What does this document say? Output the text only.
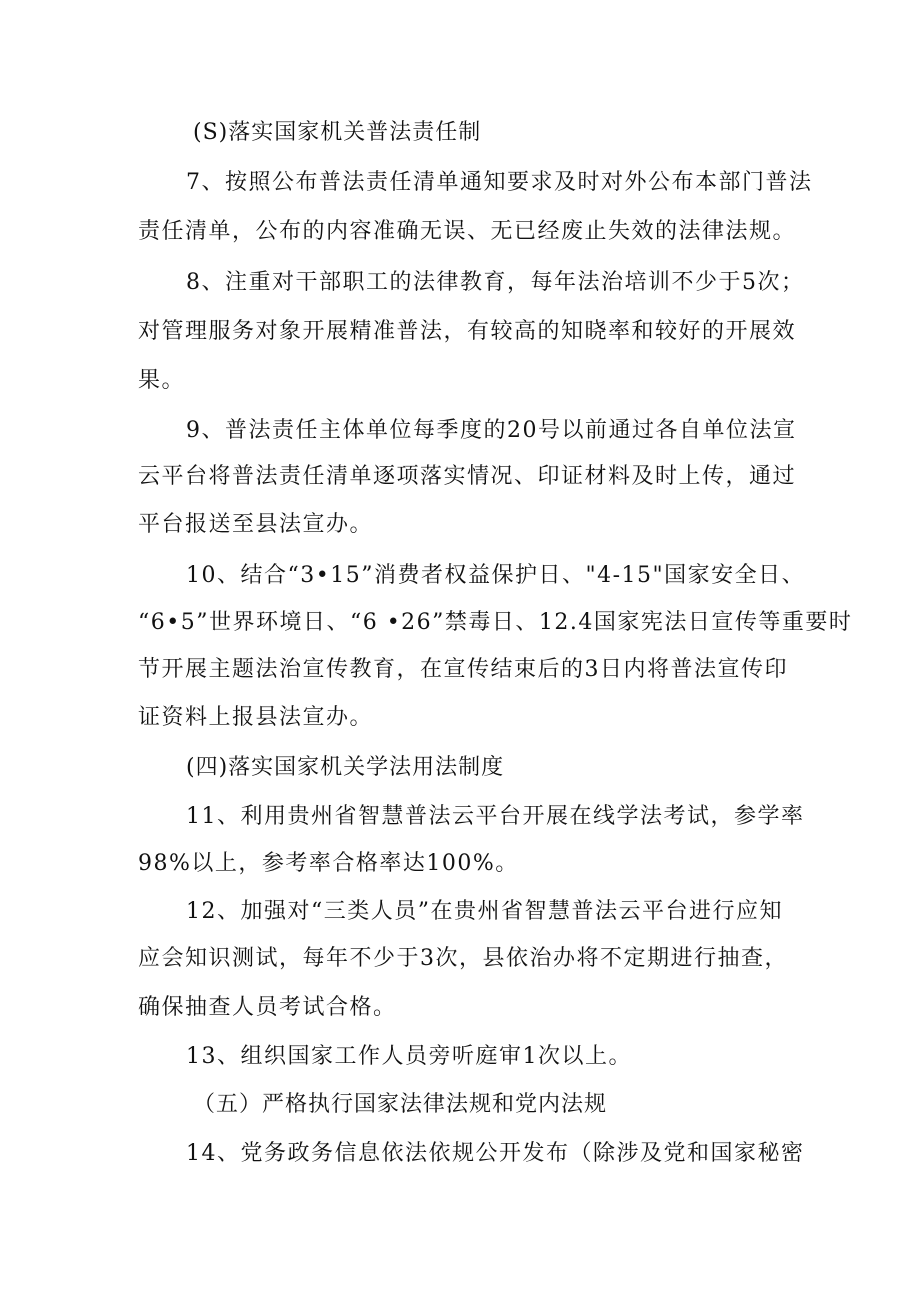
(S)落实国家机关普法责任制
7、按照公布普法责任清单通知要求及时对外公布本部门普法
责任清单，公布的内容准确无误、无已经废止失效的法律法规。
8、注重对干部职工的法律教育，每年法治培训不少于5次；
对管理服务对象开展精准普法，有较高的知晓率和较好的开展效
果。
9、普法责任主体单位每季度的20号以前通过各自单位法宣
云平台将普法责任清单逐项落实情况、印证材料及时上传，通过
平台报送至县法宣办。
10、结合“3•15”消费者权益保护日、"4-15"国家安全日、
“6•5”世界环境日、“6 •26”禁毒日、12.4国家宪法日宣传等重要时
节开展主题法治宣传教育，在宣传结束后的3日内将普法宣传印
证资料上报县法宣办。
(四)落实国家机关学法用法制度
11、利用贵州省智慧普法云平台开展在线学法考试，参学率
98%以上，参考率合格率达100%。
12、加强对“三类人员”在贵州省智慧普法云平台进行应知
应会知识测试，每年不少于3次，县依治办将不定期进行抽查，
确保抽查人员考试合格。
13、组织国家工作人员旁听庭审1次以上。
（五）严格执行国家法律法规和党内法规
14、党务政务信息依法依规公开发布（除涉及党和国家秘密
